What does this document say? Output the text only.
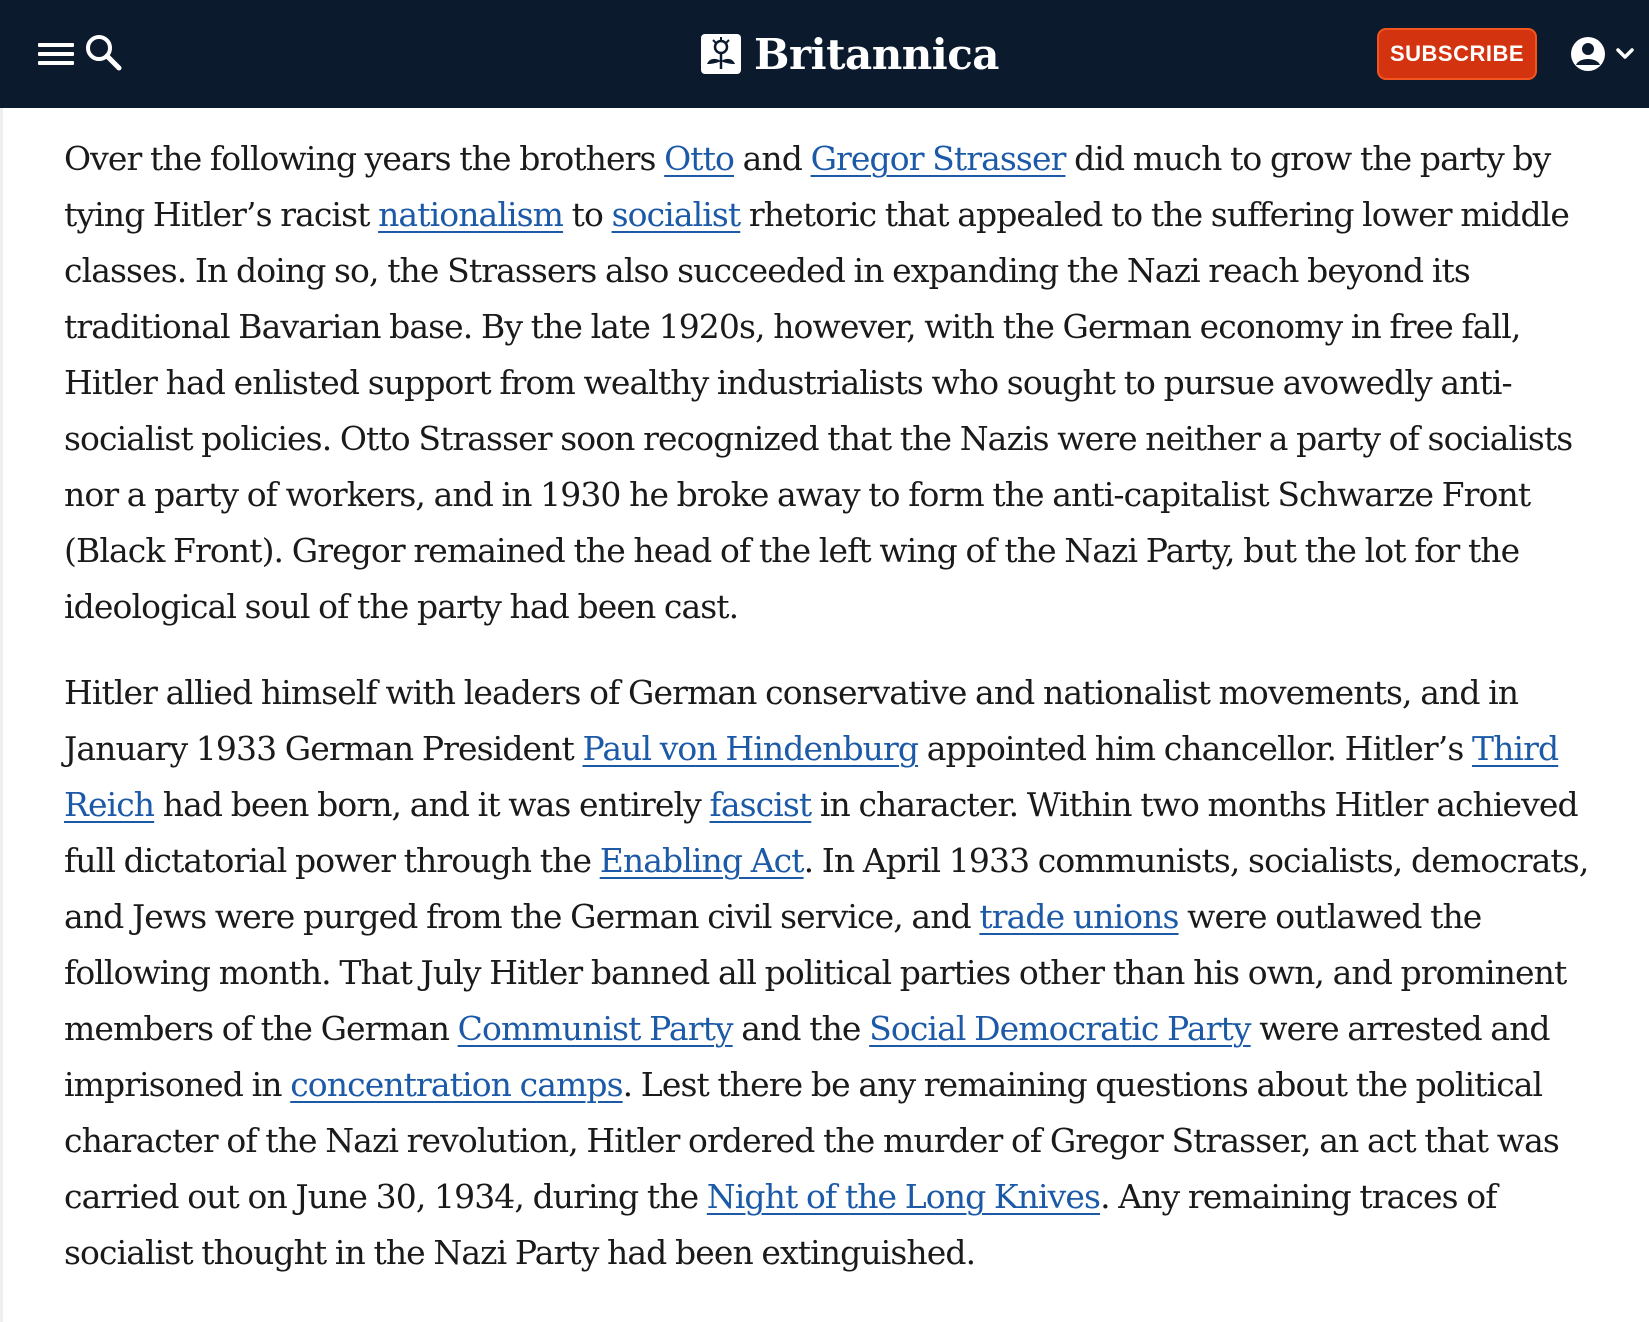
Britannica	SUBSCRIBE

Over the following years the brothers Otto and Gregor Strasser did much to grow the party by tying Hitler’s racist nationalism to socialist rhetoric that appealed to the suffering lower middle classes. In doing so, the Strassers also succeeded in expanding the Nazi reach beyond its traditional Bavarian base. By the late 1920s, however, with the German economy in free fall, Hitler had enlisted support from wealthy industrialists who sought to pursue avowedly anti-socialist policies. Otto Strasser soon recognized that the Nazis were neither a party of socialists nor a party of workers, and in 1930 he broke away to form the anti-capitalist Schwarze Front (Black Front). Gregor remained the head of the left wing of the Nazi Party, but the lot for the ideological soul of the party had been cast.

Hitler allied himself with leaders of German conservative and nationalist movements, and in January 1933 German President Paul von Hindenburg appointed him chancellor. Hitler’s Third Reich had been born, and it was entirely fascist in character. Within two months Hitler achieved full dictatorial power through the Enabling Act. In April 1933 communists, socialists, democrats, and Jews were purged from the German civil service, and trade unions were outlawed the following month. That July Hitler banned all political parties other than his own, and prominent members of the German Communist Party and the Social Democratic Party were arrested and imprisoned in concentration camps. Lest there be any remaining questions about the political character of the Nazi revolution, Hitler ordered the murder of Gregor Strasser, an act that was carried out on June 30, 1934, during the Night of the Long Knives. Any remaining traces of socialist thought in the Nazi Party had been extinguished.
